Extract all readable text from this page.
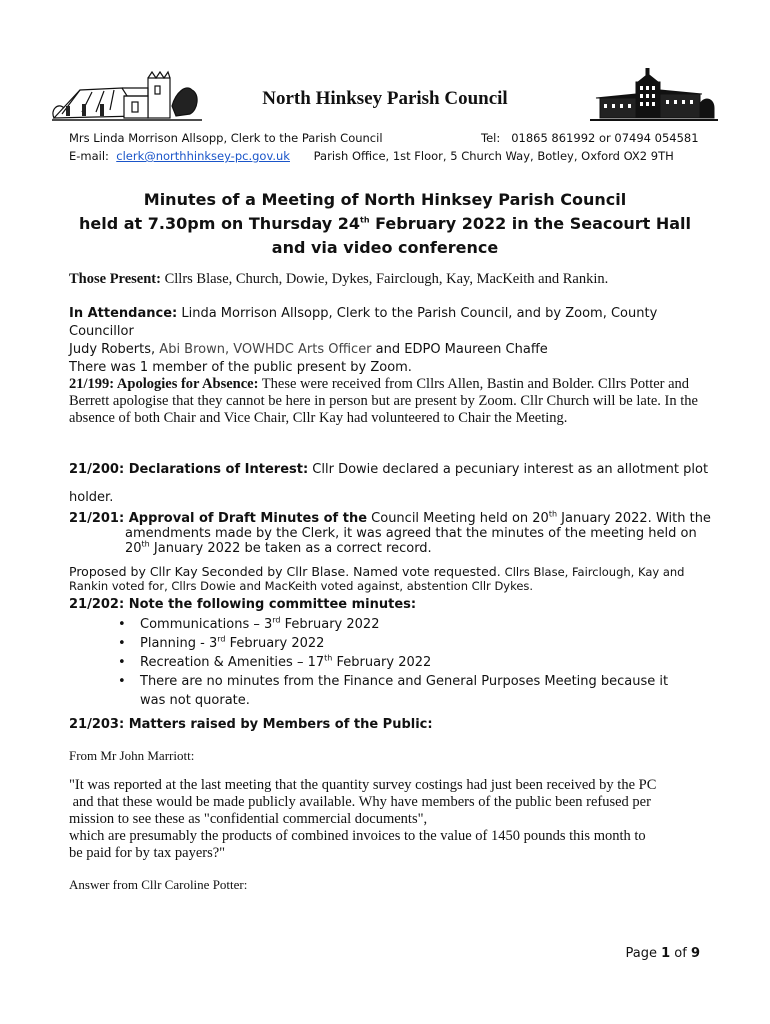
North Hinksey Parish Council
Mrs Linda Morrison Allsopp, Clerk to the Parish Council	Tel: 01865 861992 or 07494 054581
E-mail: clerk@northhinksey-pc.gov.uk Parish Office, 1st Floor, 5 Church Way, Botley, Oxford OX2 9TH
Minutes of a Meeting of North Hinksey Parish Council
held at 7.30pm on Thursday 24th February 2022 in the Seacourt Hall
and via video conference
Those Present: Cllrs Blase, Church, Dowie, Dykes, Fairclough, Kay, MacKeith and Rankin.
In Attendance: Linda Morrison Allsopp, Clerk to the Parish Council, and by Zoom, County Councillor
Judy Roberts, Abi Brown, VOWHDC Arts Officer and EDPO Maureen Chaffe
There was 1 member of the public present by Zoom.
21/199: Apologies for Absence: These were received from Cllrs Allen, Bastin and Bolder. Cllrs Potter and Berrett apologise that they cannot be here in person but are present by Zoom. Cllr Church will be late. In the absence of both Chair and Vice Chair, Cllr Kay had volunteered to Chair the Meeting.
21/200: Declarations of Interest: Cllr Dowie declared a pecuniary interest as an allotment plot
holder.
21/201: Approval of Draft Minutes of the Council Meeting held on 20th January 2022. With the
amendments made by the Clerk, it was agreed that the minutes of the meeting held on
20th January 2022 be taken as a correct record.
Proposed by Cllr Kay Seconded by Cllr Blase. Named vote requested. Cllrs Blase, Fairclough, Kay and
Rankin voted for, Cllrs Dowie and MacKeith voted against, abstention Cllr Dykes.
21/202: Note the following committee minutes:
• Communications – 3rd February 2022
• Planning - 3rd February 2022
• Recreation & Amenities – 17th February 2022
• There are no minutes from the Finance and General Purposes Meeting because it was not quorate.
21/203: Matters raised by Members of the Public:
From Mr John Marriott:
"It was reported at the last meeting that the quantity survey costings had just been received by the PC
and that these would be made publicly available. Why have members of the public been refused per
mission to see these as "confidential commercial documents",
which are presumably the products of combined invoices to the value of 1450 pounds this month to
be paid for by tax payers?"
Answer from Cllr Caroline Potter:
Page 1 of 9
